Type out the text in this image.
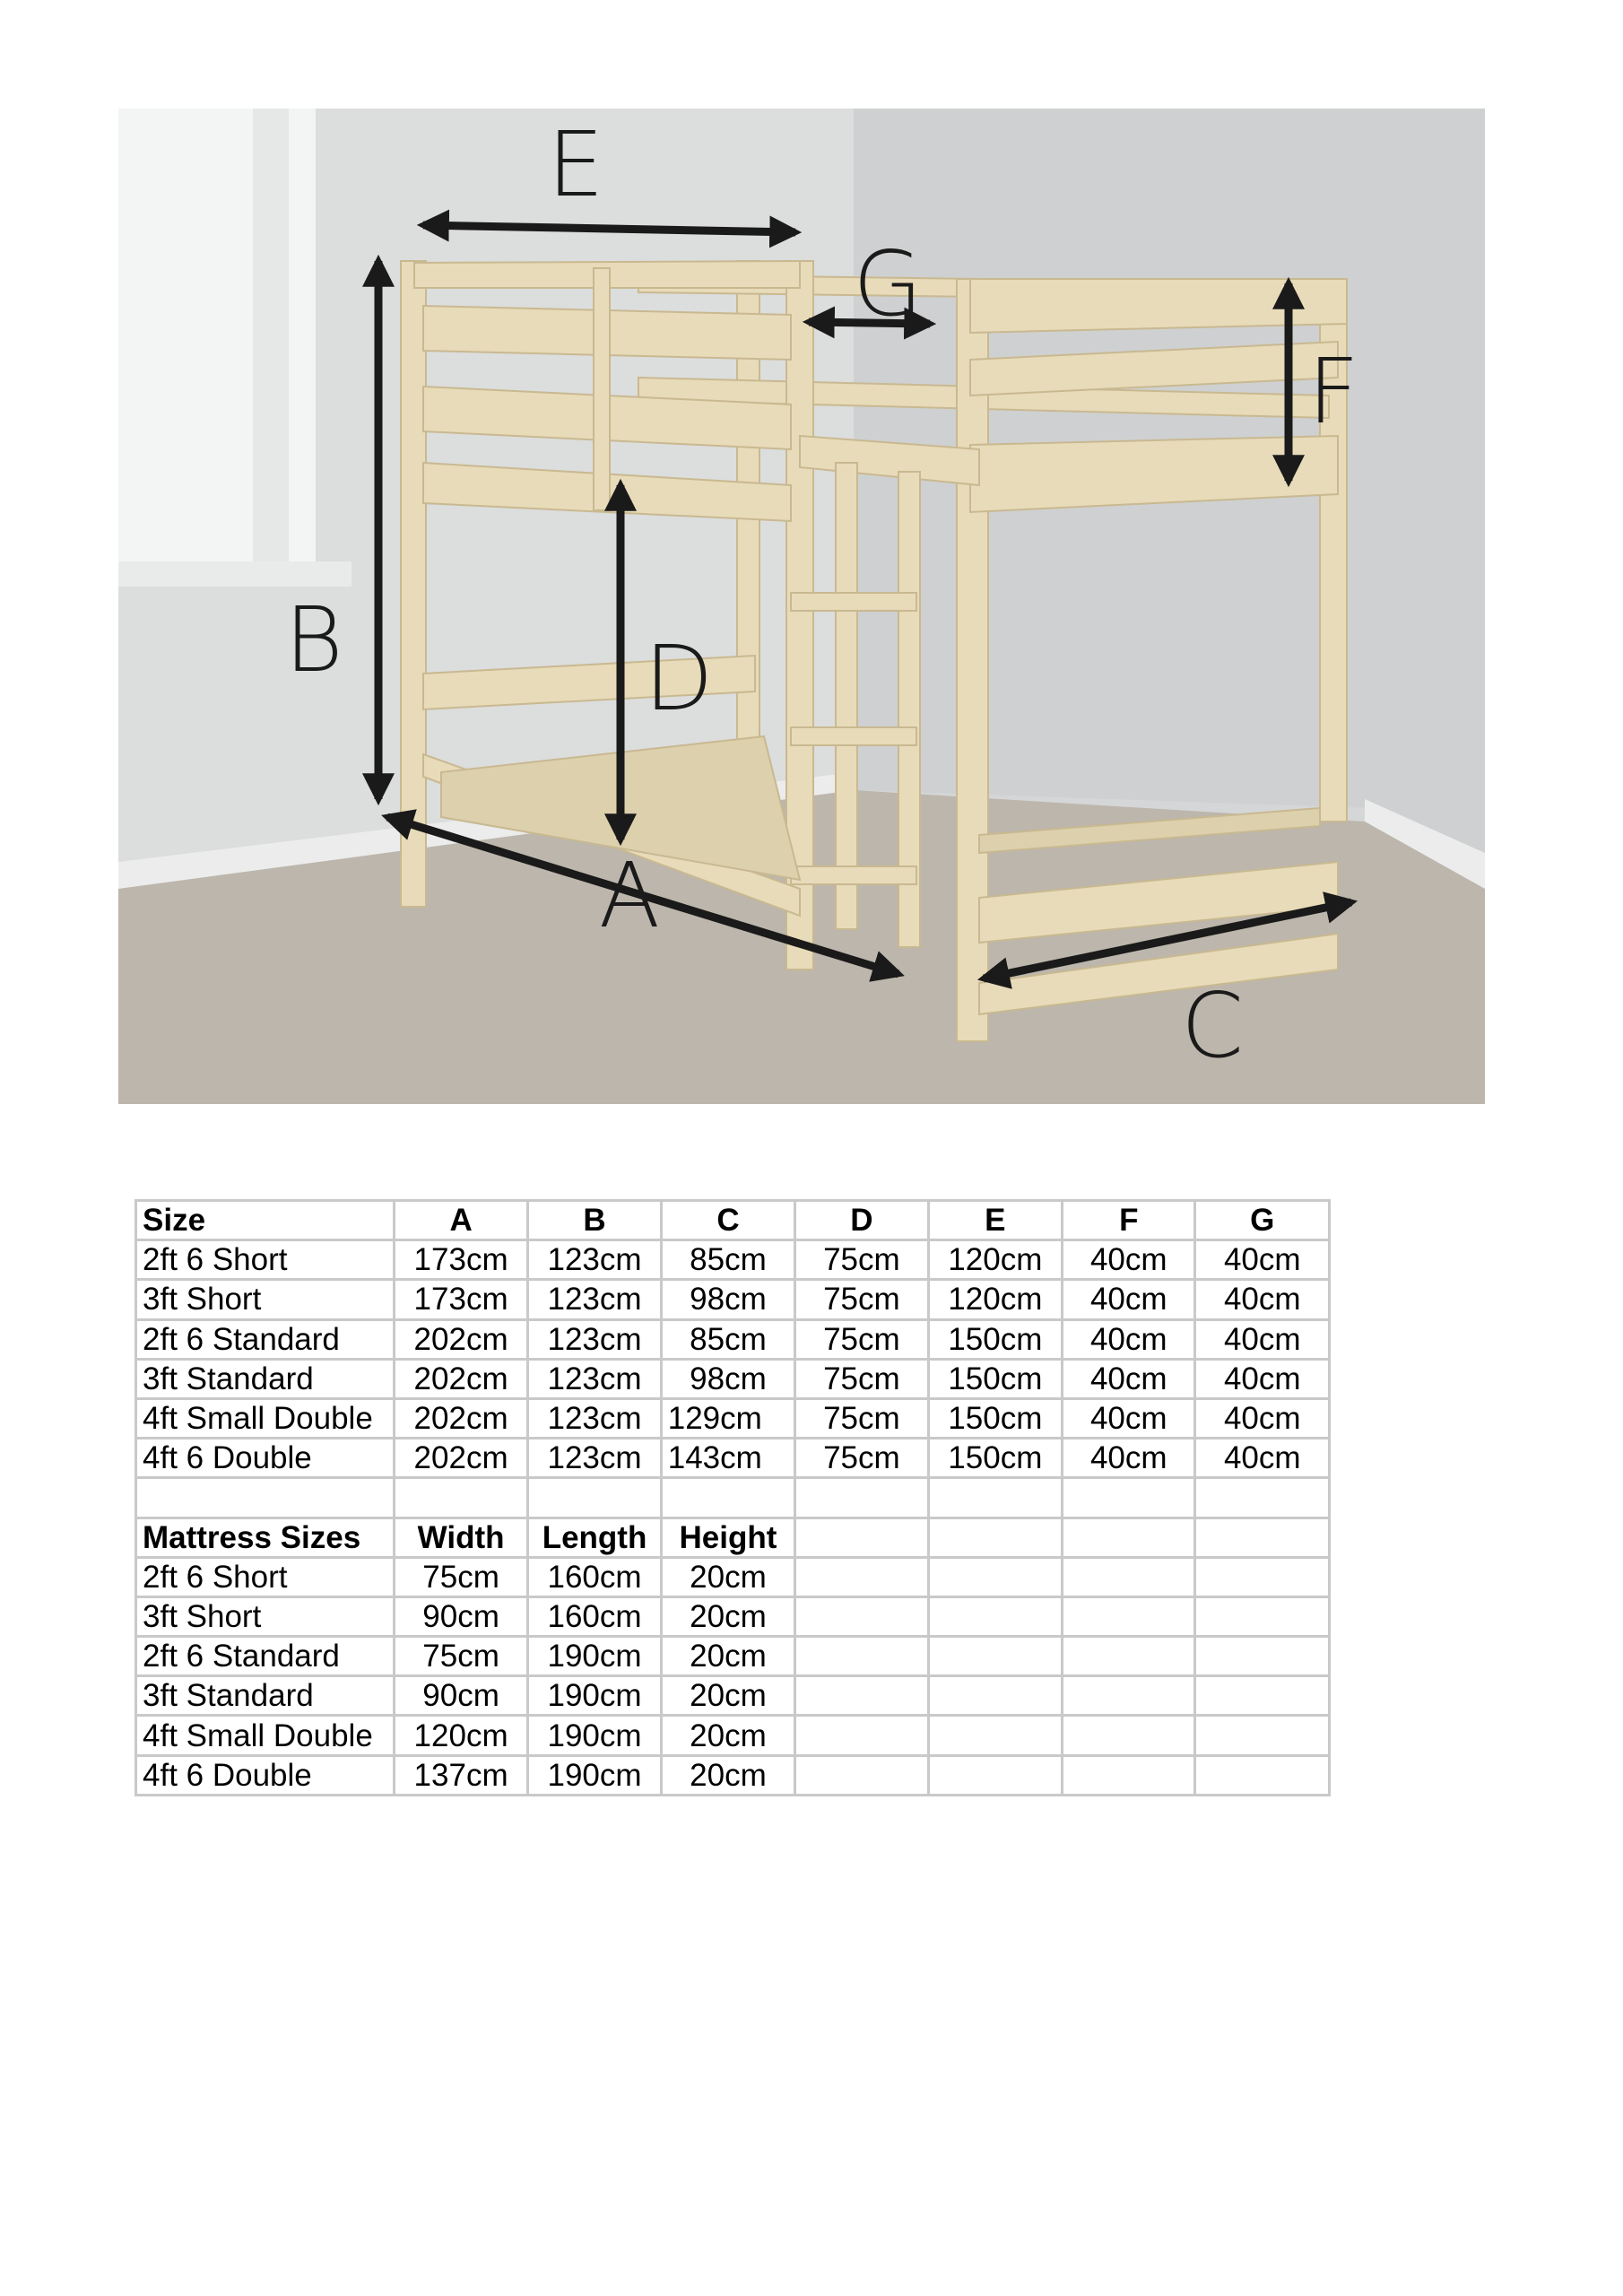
E
G
F
B	D
A
C
Size	A	B	C	D	E	F	G
2ft 6 Short	173cm	123cm	85cm	75cm	120cm	40cm	40cm
3ft Short	173cm	123cm	98cm	75cm	120cm	40cm	40cm
2ft 6 Standard	202cm	123cm	85cm	75cm	150cm	40cm	40cm
3ft Standard	202cm	123cm	98cm	75cm	150cm	40cm	40cm
4ft Small Double	202cm	123cm	129cm	75cm	150cm	40cm	40cm
4ft 6 Double	202cm	123cm	143cm	75cm	150cm	40cm	40cm

Mattress Sizes	Width	Length	Height				
2ft 6 Short	75cm	160cm	20cm				
3ft Short	90cm	160cm	20cm				
2ft 6 Standard	75cm	190cm	20cm				
3ft Standard	90cm	190cm	20cm				
4ft Small Double	120cm	190cm	20cm				
4ft 6 Double	137cm	190cm	20cm				
